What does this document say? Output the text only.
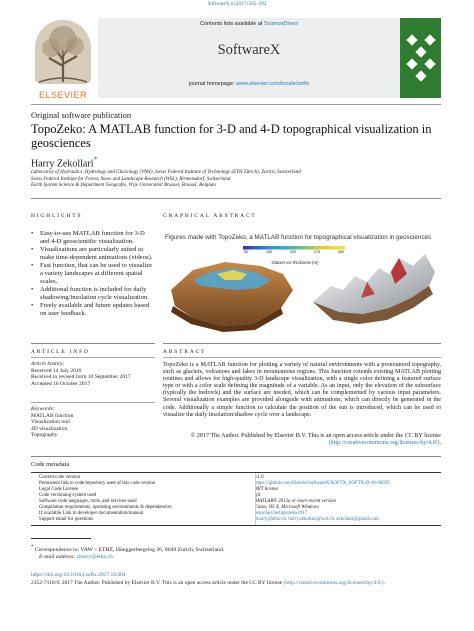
SoftwareX 6 (2017) 285–292
ELSEVIER
Contents lists available at ScienceDirect
SoftwareX
journal homepage: www.elsevier.com/locate/softx
Original software publication
TopoZeko: A MATLAB function for 3-D and 4-D topographical visualization in geosciences
Harry Zekollari*
Laboratory of Hydraulics, Hydrology and Glaciology (VAW), Swiss Federal Institute of Technology (ETH Zürich), Zurich, Switzerland
Swiss Federal Institute for Forest, Snow and Landscape Research (WSL), Birmensdorf, Switzerland
Earth System Science & Department Geografie, Vrije Universiteit Brussel, Brussel, Belgium
HIGHLIGHTS
• Easy-to-use MATLAB function for 3-D and 4-D geoscientific visualization.
• Visualizations are particularly suited to make time-dependent animations (videos).
• Fast function, that can be used to visualize a variety landscapes at different spatial scales.
• Additional function is included for daily shadowing/insolation cycle visualization.
• Freely available and future updates based on user feedback.
GRAPHICAL ABSTRACT
Figures made with TopoZeko, a MATLAB function for topographical visualization in geosciences
50	100	200	275	350
Glacier ice thickness (m)
ARTICLE INFO	ABSTRACT
Article history:
Received 14 July 2016
Received in revised form 10 September 2017
Accepted 16 October 2017
Keywords:
MATLAB function
Visualization tool
4D visualization
Topography
TopoZeko is a MATLAB function for plotting a variety of natural environments with a pronounced topography, such as glaciers, volcanoes and lakes in mountainous regions. This function extends existing MATLAB plotting routines and allows for high-quality 3-D landscape visualization, with a single color defining a featured surface type or with a color scale defining the magnitude of a variable. As an input, only the elevation of the subsurface (typically the bedrock) and the surface are needed, which can be complemented by various input parameters. Several visualization examples are provided alongside with animations, which can directly be generated in the code. Additionally a simple function to calculate the position of the sun is introduced, which can be used to visualize the daily insolation/shadow cycle over a landscape.
© 2017 The Author. Published by Elsevier B.V. This is an open access article under the CC BY license (http://creativecommons.org/licenses/by/4.0/).
Code metadata
Current code version	v1.0
Permanent link to code/repository used of this code version	https://github.com/ElsevierSoftwareX/SOFTX_SOFTX-D-16-00059
Legal Code License	MIT license
Code versioning system used	git
Software code languages, tools, and services used	MATLAB® 2012a or more recent version
Compilation requirements, operating environments & dependencies	Linux, OS X, Microsoft Windows
If available Link to developer documentation/manual	zekollari.be/topozeko2017
Support email for questions	zharry@ethz.ch, harry.zekollari@wsl.ch, zekollari@gmail.com
* Correspondence to: VAW – ETHZ, Hönggerbergring 26, 8049 Zurich, Switzerland.
E-mail address: zharry@ethz.ch.
https://doi.org/10.1016/j.softx.2017.10.004
2352-7110/© 2017 The Author. Published by Elsevier B.V. This is an open access article under the CC BY license (http://creativecommons.org/licenses/by/4.0/).
